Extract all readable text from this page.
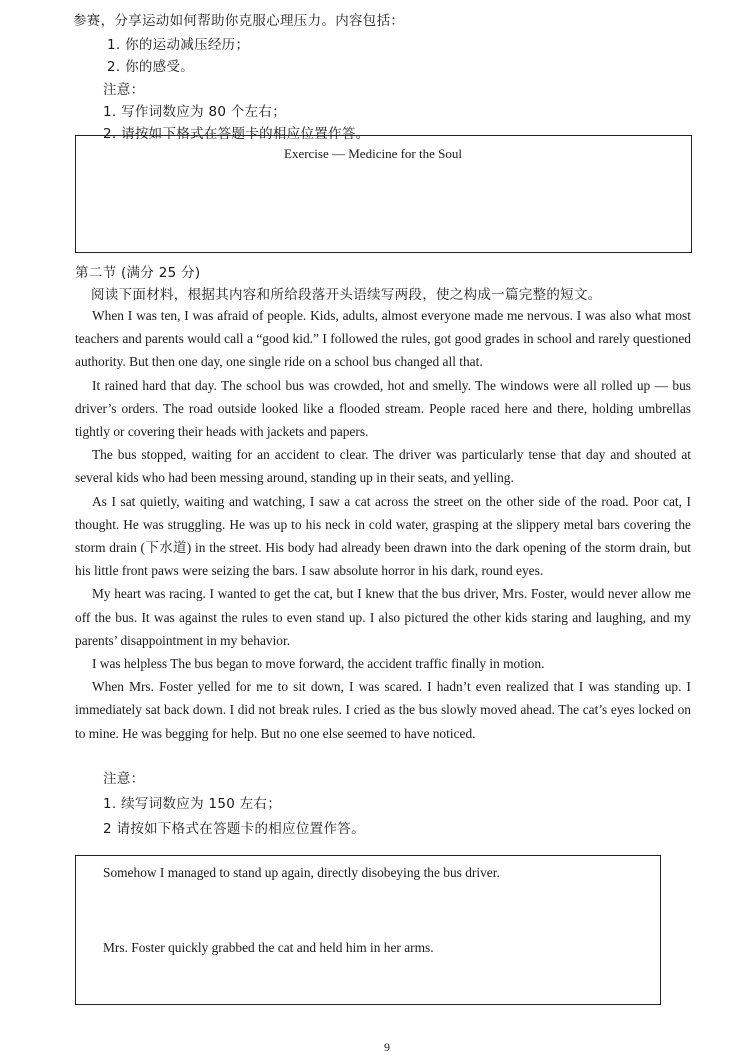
参赛，分享运动如何帮助你克服心理压力。内容包括：
1. 你的运动减压经历；
2. 你的感受。
注意：
1. 写作词数应为 80 个左右；
2. 请按如下格式在答题卡的相应位置作答。
Exercise — Medicine for the Soul
第二节 (满分 25 分)
阅读下面材料，根据其内容和所给段落开头语续写两段，使之构成一篇完整的短文。

When I was ten, I was afraid of people. Kids, adults, almost everyone made me nervous. I was also what most teachers and parents would call a “good kid.” I followed the rules, got good grades in school and rarely questioned authority. But then one day, one single ride on a school bus changed all that.

It rained hard that day. The school bus was crowded, hot and smelly. The windows were all rolled up — bus driver’s orders. The road outside looked like a flooded stream. People raced here and there, holding umbrellas tightly or covering their heads with jackets and papers.

The bus stopped, waiting for an accident to clear. The driver was particularly tense that day and shouted at several kids who had been messing around, standing up in their seats, and yelling.

As I sat quietly, waiting and watching, I saw a cat across the street on the other side of the road. Poor cat, I thought. He was struggling. He was up to his neck in cold water, grasping at the slippery metal bars covering the storm drain (下水道) in the street. His body had already been drawn into the dark opening of the storm drain, but his little front paws were seizing the bars. I saw absolute horror in his dark, round eyes.

My heart was racing. I wanted to get the cat, but I knew that the bus driver, Mrs. Foster, would never allow me off the bus. It was against the rules to even stand up. I also pictured the other kids staring and laughing, and my parents’ disappointment in my behavior.

I was helpless The bus began to move forward, the accident traffic finally in motion.

When Mrs. Foster yelled for me to sit down, I was scared. I hadn’t even realized that I was standing up. I immediately sat back down. I did not break rules. I cried as the bus slowly moved ahead. The cat’s eyes locked on to mine. He was begging for help. But no one else seemed to have noticed.

注意：
1. 续写词数应为 150 左右；
2 请按如下格式在答题卡的相应位置作答。
Somehow I managed to stand up again, directly disobeying the bus driver.
Mrs. Foster quickly grabbed the cat and held him in her arms.
9
